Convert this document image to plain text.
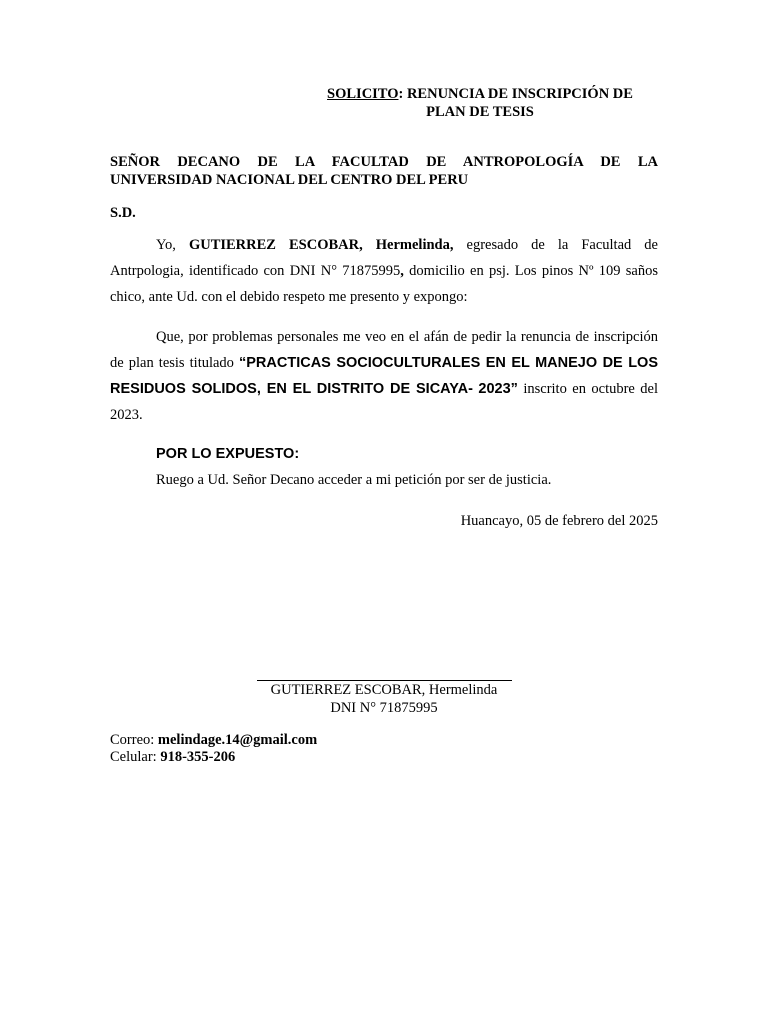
SOLICITO: RENUNCIA DE INSCRIPCIÓN DE
PLAN DE TESIS
SEÑOR DECANO DE LA FACULTAD DE ANTROPOLOGÍA DE LA
UNIVERSIDAD NACIONAL DEL CENTRO DEL PERU
S.D.
Yo, GUTIERREZ ESCOBAR, Hermelinda, egresado de la Facultad de Antrpologia, identificado con DNI N° 71875995, domicilio en psj. Los pinos Nº 109 saños chico, ante Ud. con el debido respeto me presento y expongo:
Que, por problemas personales me veo en el afán de pedir la renuncia de inscripción de plan tesis titulado “PRACTICAS SOCIOCULTURALES EN EL MANEJO DE LOS RESIDUOS SOLIDOS, EN EL DISTRITO DE SICAYA- 2023” inscrito en octubre del 2023.
POR LO EXPUESTO:
Ruego a Ud. Señor Decano acceder a mi petición por ser de justicia.
Huancayo, 05 de febrero del 2025
GUTIERREZ ESCOBAR, Hermelinda
DNI N° 71875995
Correo: melindage.14@gmail.com
Celular: 918-355-206
